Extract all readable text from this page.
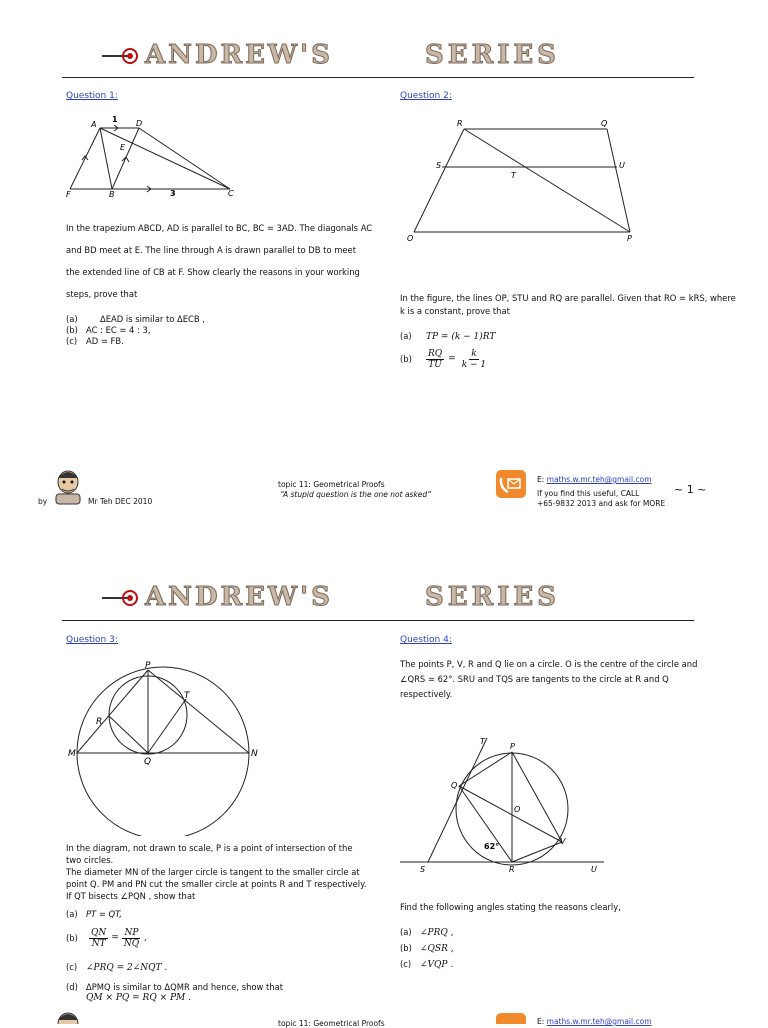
ANDREW'S	SERIES
Question 1:
A
1 D
E
F	B	3	C
In the trapezium ABCD, AD is parallel to BC, BC = 3AD. The diagonals AC
and BD meet at E. The line through A is drawn parallel to DB to meet
the extended line of CB at F. Show clearly the reasons in your working
steps, prove that
(a)	ΔEAD is similar to ΔECB ,
(b) AC : EC = 4 : 3,
(c) AD = FB.
Question 2:
R	Q
S	U
T
O	P
In the figure, the lines OP, STU and RQ are parallel. Given that RO = kRS, where
k is a constant, prove that
(a) TP = (k − 1)RT
(b)	$\frac{RQ}{TU} = \frac{k}{k - 1}$
by	Mr Teh DEC 2010
topic 11: Geometrical Proofs
“A stupid question is the one not asked”
E: maths.w.mr.teh@gmail.com
If you find this useful, CALL
+65-9832 2013 and ask for MORE
~ 1 ~
ANDREW'S	SERIES
Question 3:
P
T
R
M
Q
N
In the diagram, not drawn to scale, P is a point of intersection of the
two circles.
The diameter MN of the larger circle is tangent to the smaller circle at
point Q. PM and PN cut the smaller circle at points R and T respectively.
If QT bisects ∠PQN , show that
(a) PT = QT,
(b)	$\frac{QN}{NT} = \frac{NP}{NQ}$ ,
(c) ∠PRQ = 2∠NQT .
(d) ΔPMQ is similar to ΔQMR and hence, show that
QM × PQ = RQ × PM .
Question 4:
The points P, V, R and Q lie on a circle. O is the centre of the circle and
∠QRS = 62°. SRU and TQS are tangents to the circle at R and Q
respectively.
T
P
Q
O
V
62°
S	R	U
Find the following angles stating the reasons clearly,
(a) ∠PRQ ,
(b) ∠QSR ,
(c) ∠VQP .
topic 11: Geometrical Proofs	E: maths.w.mr.teh@gmail.com
